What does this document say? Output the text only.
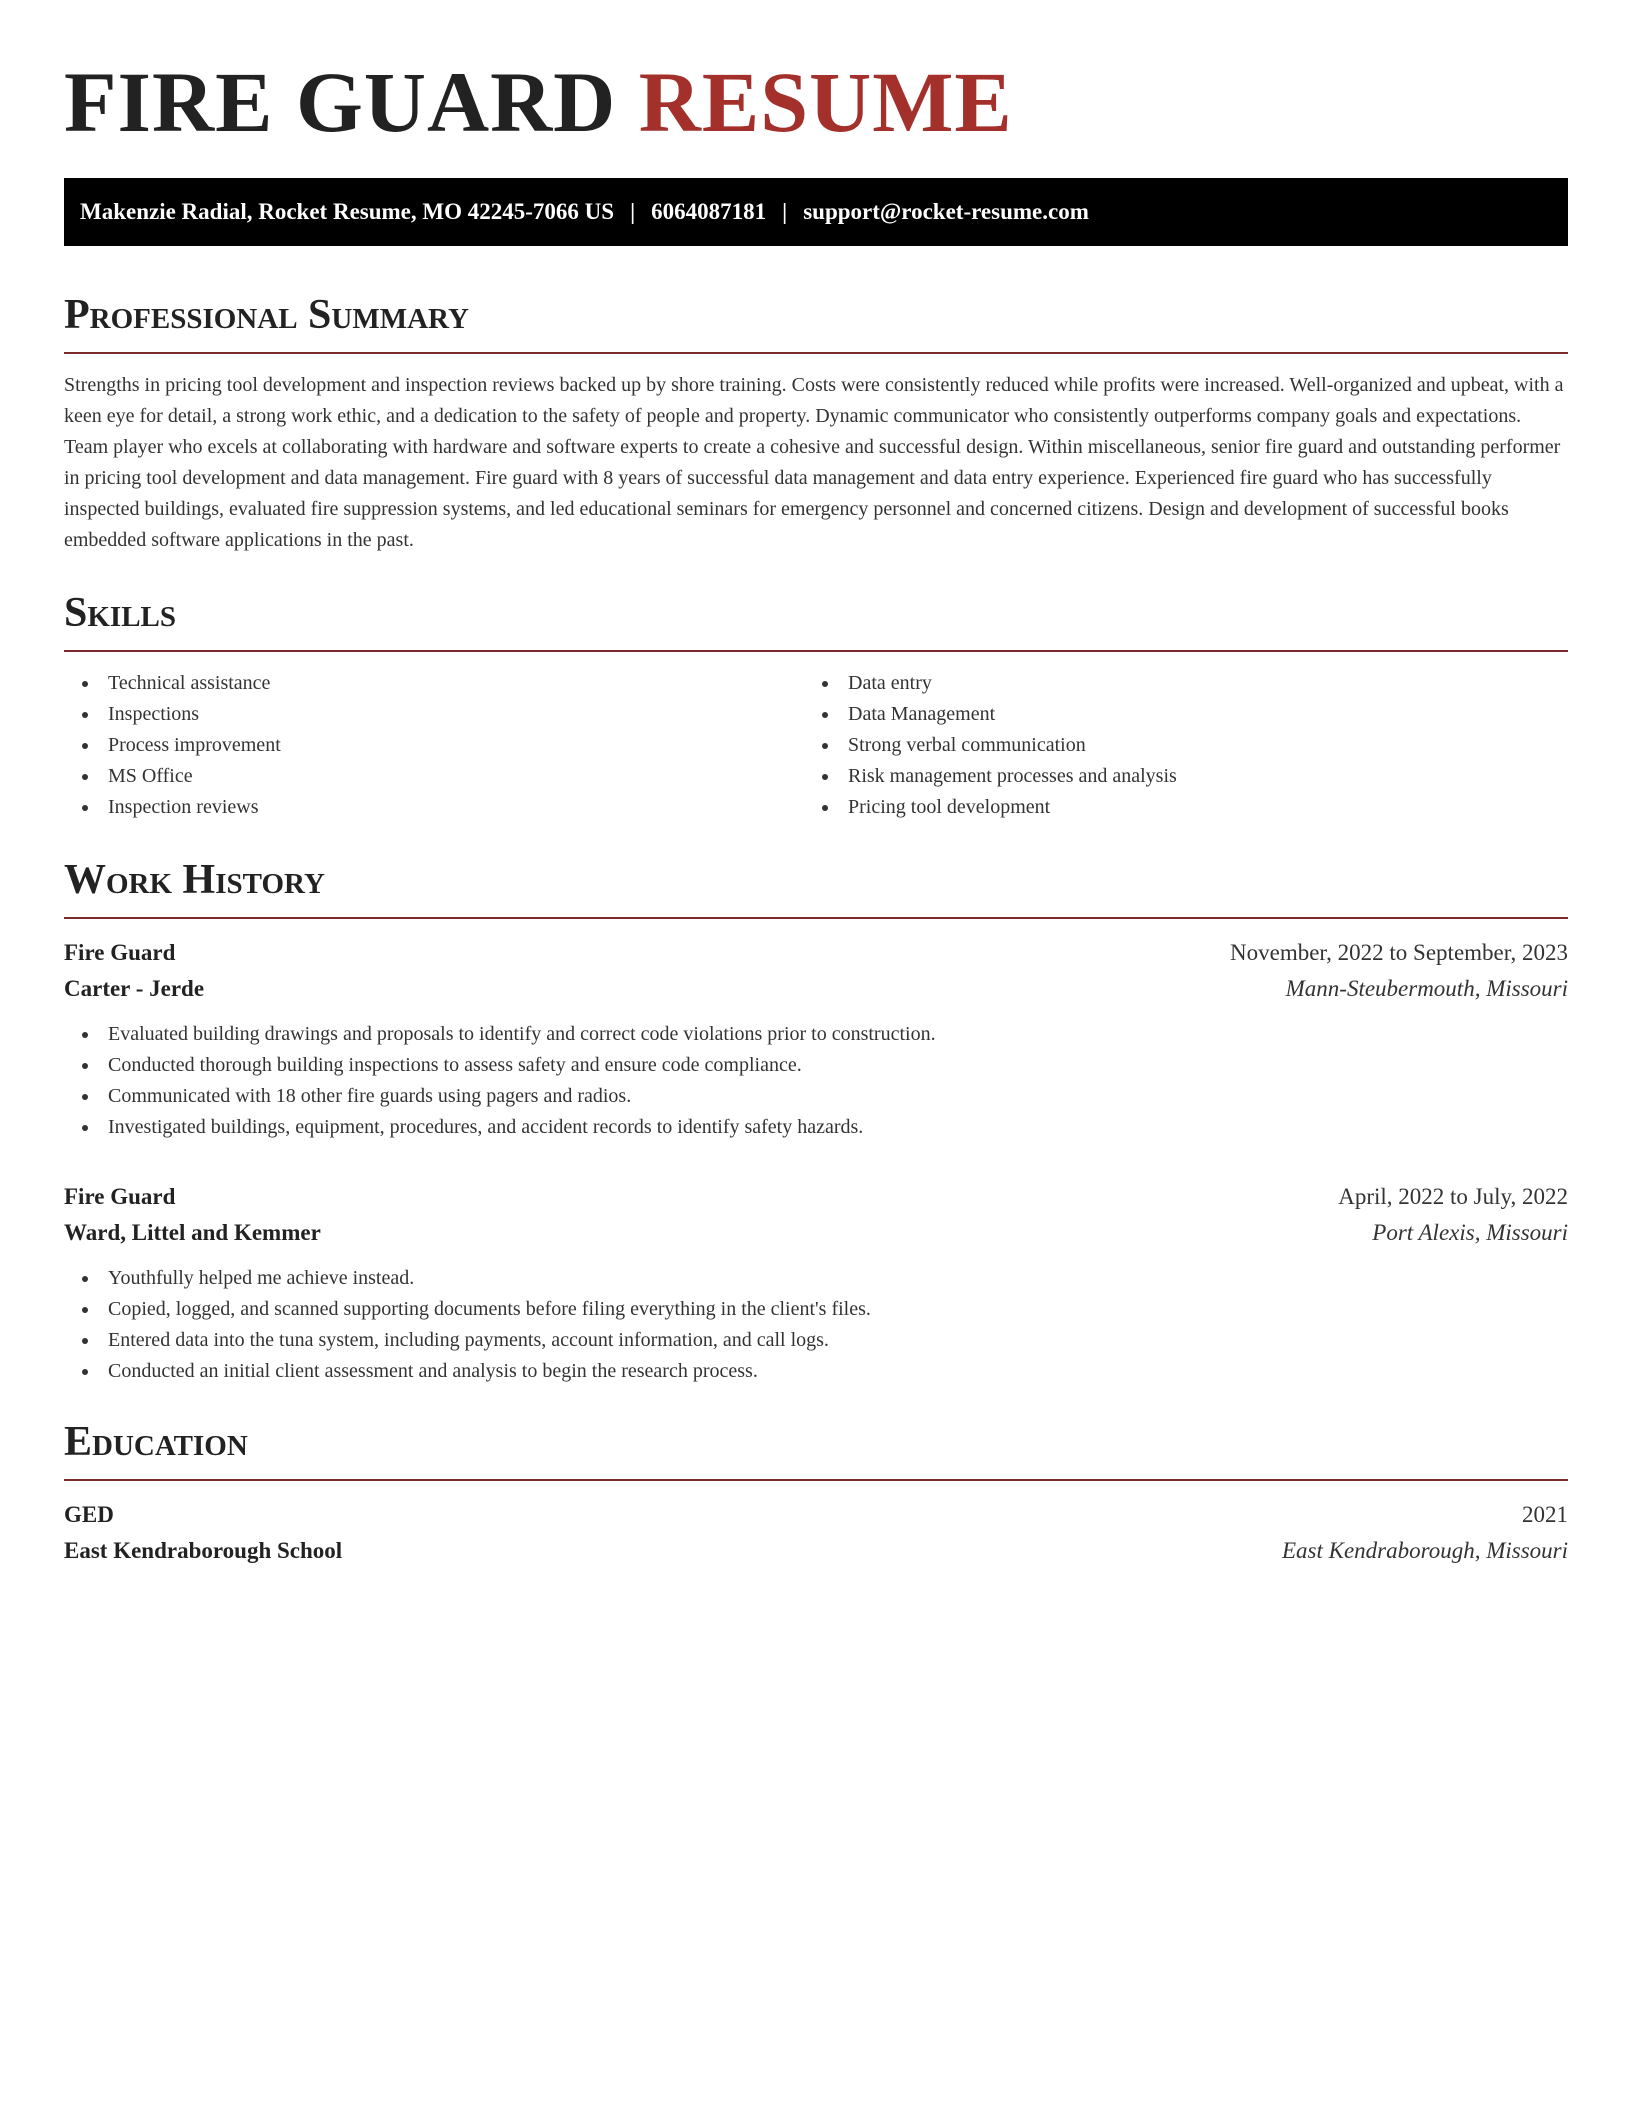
FIRE GUARD RESUME
Makenzie Radial, Rocket Resume, MO 42245-7066 US | 6064087181 | support@rocket-resume.com
Professional Summary

Strengths in pricing tool development and inspection reviews backed up by shore training. Costs were consistently reduced while profits were increased. Well-organized and upbeat, with a keen eye for detail, a strong work ethic, and a dedication to the safety of people and property. Dynamic communicator who consistently outperforms company goals and expectations. Team player who excels at collaborating with hardware and software experts to create a cohesive and successful design. Within miscellaneous, senior fire guard and outstanding performer in pricing tool development and data management. Fire guard with 8 years of successful data management and data entry experience. Experienced fire guard who has successfully inspected buildings, evaluated fire suppression systems, and led educational seminars for emergency personnel and concerned citizens. Design and development of successful books embedded software applications in the past.

Skills
Technical assistance
Inspections
Process improvement
MS Office
Inspection reviews
Data entry
Data Management
Strong verbal communication
Risk management processes and analysis
Pricing tool development
Work History
Fire Guard	November, 2022 to September, 2023
Carter - Jerde	Mann-Steubermouth, Missouri
Evaluated building drawings and proposals to identify and correct code violations prior to construction.
Conducted thorough building inspections to assess safety and ensure code compliance.
Communicated with 18 other fire guards using pagers and radios.
Investigated buildings, equipment, procedures, and accident records to identify safety hazards.
Fire Guard	April, 2022 to July, 2022
Ward, Littel and Kemmer	Port Alexis, Missouri
Youthfully helped me achieve instead.
Copied, logged, and scanned supporting documents before filing everything in the client's files.
Entered data into the tuna system, including payments, account information, and call logs.
Conducted an initial client assessment and analysis to begin the research process.
Education
GED	2021
East Kendraborough School	East Kendraborough, Missouri
